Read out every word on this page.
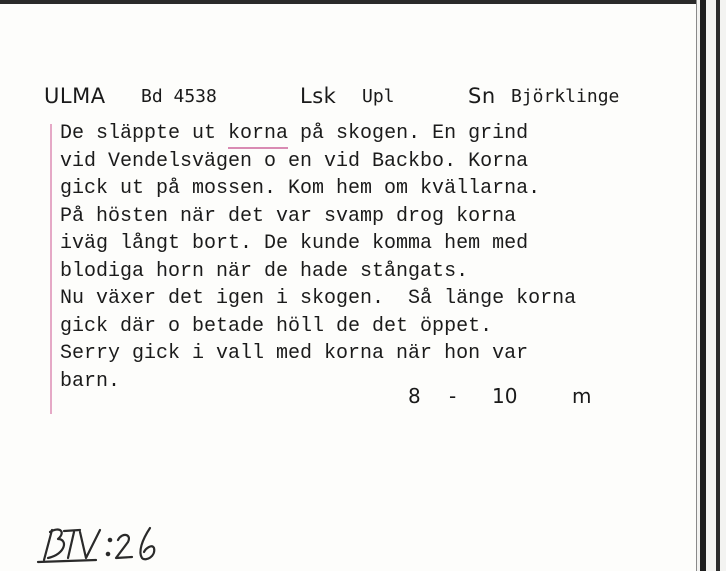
ULMA Bd 4538	Lsk Upl	Sn Björklinge
De släppte ut korna
på skogen. En grind
vid Vendelsvägen o en vid Backbo. Korna
gick ut på mossen. Kom hem om kvällarna.
På hösten när det var svamp drog korna
iväg långt bort. De kunde komma hem med
blodiga horn när de hade stångats.
Nu växer det igen i skogen.  Så länge korna
gick där o betade höll de det öppet.
Serry gick i vall med korna när hon var
barn.
8 - 10	m
